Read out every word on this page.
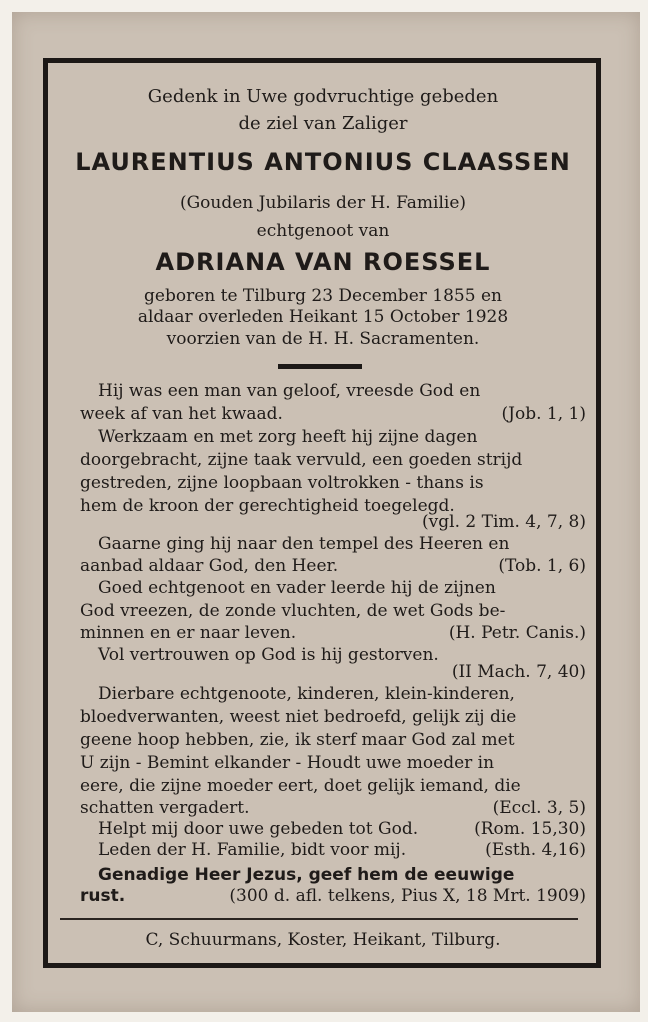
Gedenk in Uwe godvruchtige gebeden
de ziel van Zaliger
LAURENTIUS ANTONIUS CLAASSEN
(Gouden Jubilaris der H. Familie)
echtgenoot van
ADRIANA VAN ROESSEL
geboren te Tilburg 23 December 1855 en
aldaar overleden Heikant 15 October 1928
voorzien van de H. H. Sacramenten.
Hij was een man van geloof, vreesde God en
week af van het kwaad.	(Job. 1, 1)
Werkzaam en met zorg heeft hij zijne dagen
doorgebracht, zijne taak vervuld, een goeden strijd
gestreden, zijne loopbaan voltrokken - thans is
hem de kroon der gerechtigheid toegelegd.
(vgl. 2 Tim. 4, 7, 8)
Gaarne ging hij naar den tempel des Heeren en
aanbad aldaar God, den Heer.	(Tob. 1, 6)
Goed echtgenoot en vader leerde hij de zijnen
God vreezen, de zonde vluchten, de wet Gods be-
minnen en er naar leven.	(H. Petr. Canis.)
Vol vertrouwen op God is hij gestorven.
(II Mach. 7, 40)
Dierbare echtgenoote, kinderen, klein-kinderen,
bloedverwanten, weest niet bedroefd, gelijk zij die
geene hoop hebben, zie, ik sterf maar God zal met
U zijn - Bemint elkander - Houdt uwe moeder in
eere, die zijne moeder eert, doet gelijk iemand, die
schatten vergadert.	(Eccl. 3, 5)
Helpt mij door uwe gebeden tot God.	(Rom. 15,30)
Leden der H. Familie, bidt voor mij.	(Esth. 4,16)
Genadige Heer Jezus, geef hem de eeuwige
rust.	(300 d. afl. telkens, Pius X, 18 Mrt. 1909)
C, Schuurmans, Koster, Heikant, Tilburg.
